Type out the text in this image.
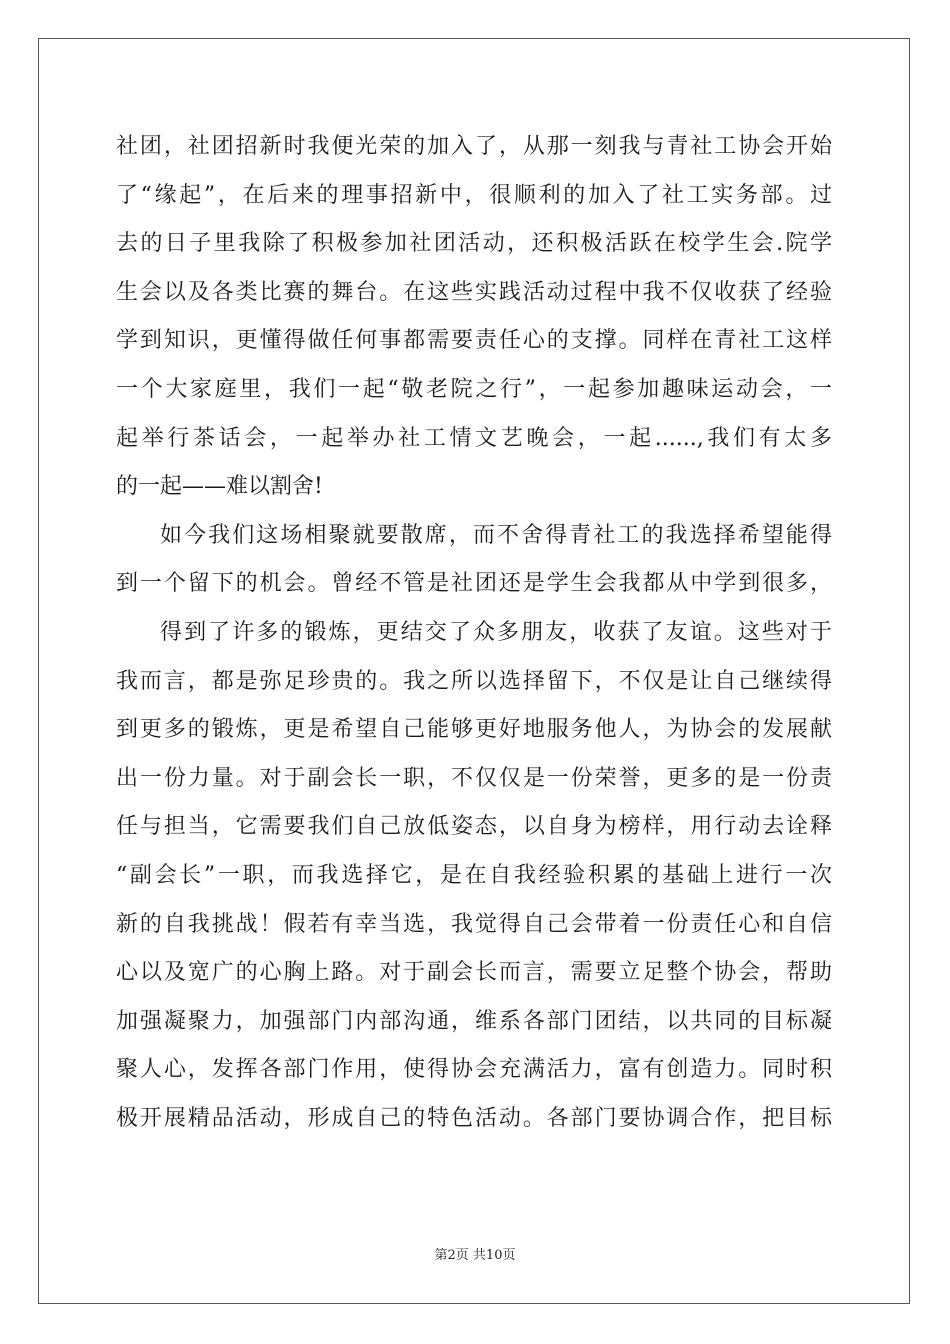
社团，社团招新时我便光荣的加入了，从那一刻我与青社工协会开始
了“缘起”，在后来的理事招新中，很顺利的加入了社工实务部。过
去的日子里我除了积极参加社团活动，还积极活跃在校学生会.院学
生会以及各类比赛的舞台。在这些实践活动过程中我不仅收获了经验
学到知识，更懂得做任何事都需要责任心的支撑。同样在青社工这样
一个大家庭里，我们一起“敬老院之行”，一起参加趣味运动会，一
起举行茶话会，一起举办社工情文艺晚会，一起......,我们有太多
的一起——难以割舍!
如今我们这场相聚就要散席，而不舍得青社工的我选择希望能得
到一个留下的机会。曾经不管是社团还是学生会我都从中学到很多，
得到了许多的锻炼，更结交了众多朋友，收获了友谊。这些对于
我而言，都是弥足珍贵的。我之所以选择留下，不仅是让自己继续得
到更多的锻炼，更是希望自己能够更好地服务他人，为协会的发展献
出一份力量。对于副会长一职，不仅仅是一份荣誉，更多的是一份责
任与担当，它需要我们自己放低姿态，以自身为榜样，用行动去诠释
“副会长”一职，而我选择它，是在自我经验积累的基础上进行一次
新的自我挑战！假若有幸当选，我觉得自己会带着一份责任心和自信
心以及宽广的心胸上路。对于副会长而言，需要立足整个协会，帮助
加强凝聚力，加强部门内部沟通，维系各部门团结，以共同的目标凝
聚人心，发挥各部门作用，使得协会充满活力，富有创造力。同时积
极开展精品活动，形成自己的特色活动。各部门要协调合作，把目标
第2页 共10页
